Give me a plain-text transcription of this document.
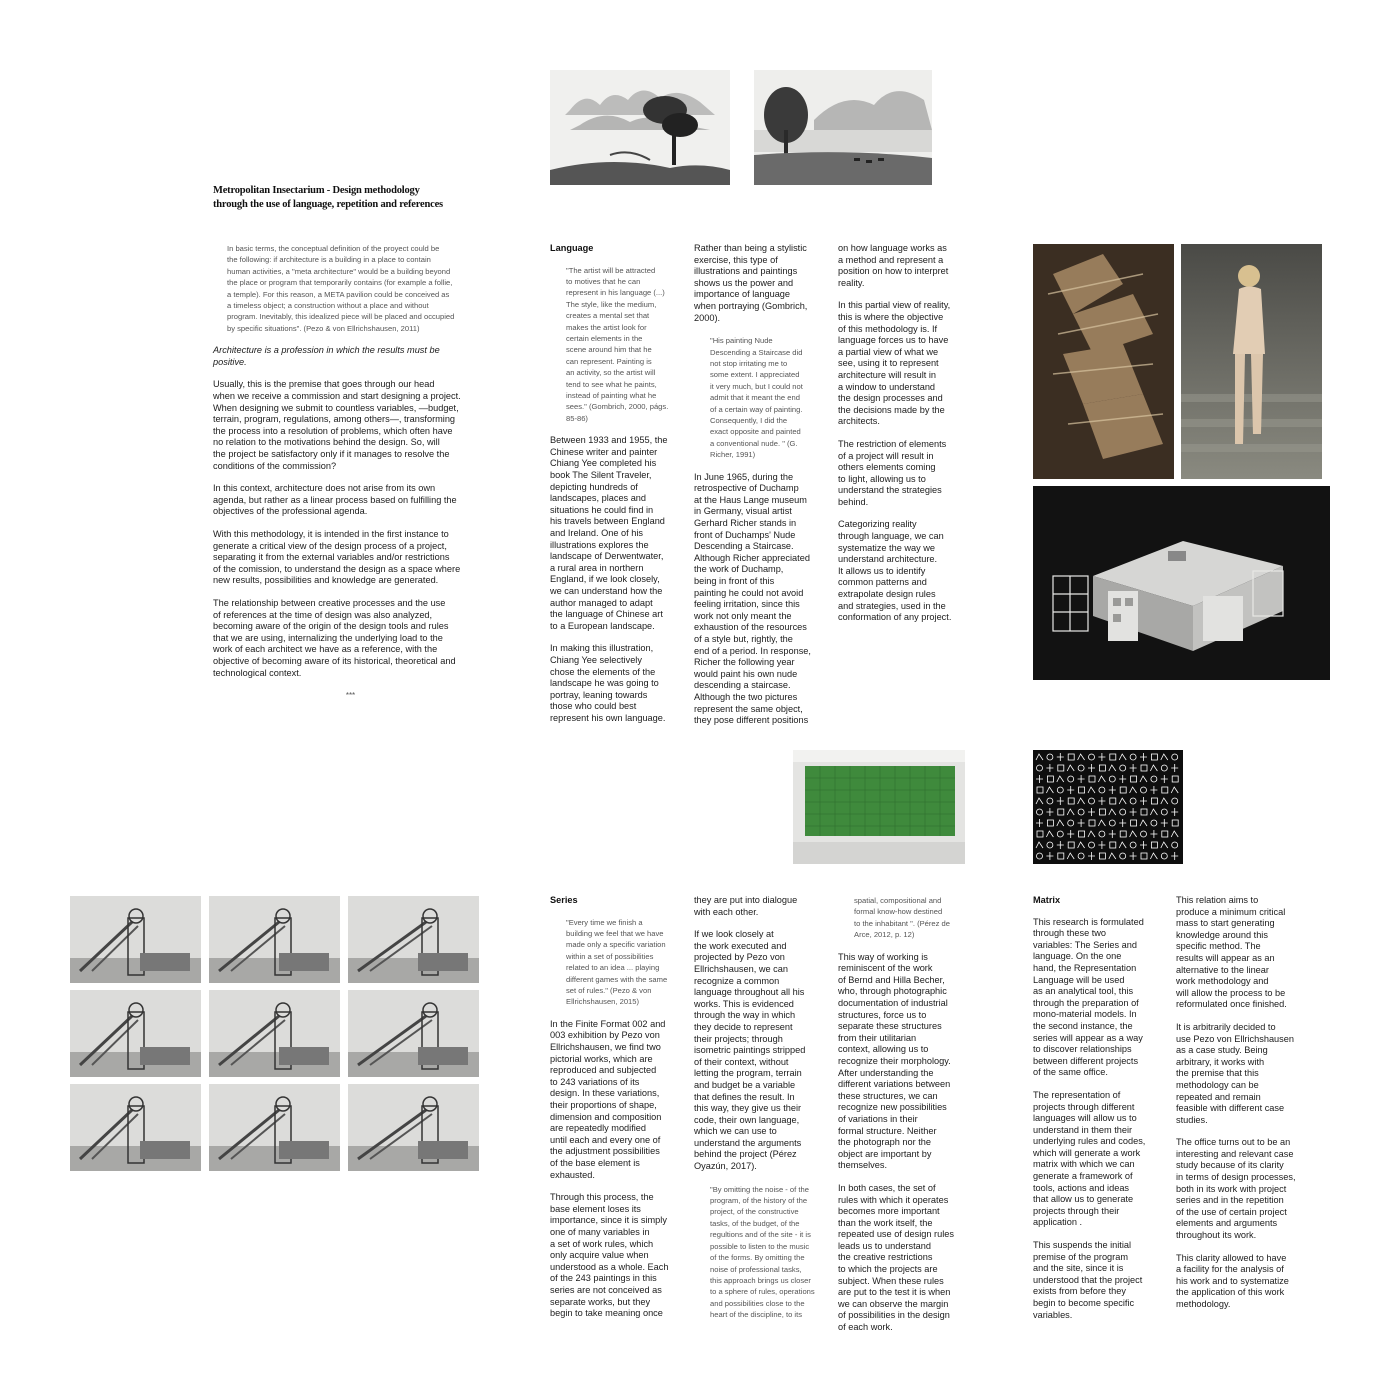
Metropolitan Insectarium - Design methodology
through the use of language, repetition and references

In basic terms, the conceptual definition of the proyect could be
the following: if architecture is a building in a place to contain
human activities, a "meta architecture" would be a building beyond
the place or program that temporarily contains (for example a follie,
a temple). For this reason, a META pavilion could be conceived as
a timeless object; a construction without a place and without
program. Inevitably, this idealized piece will be placed and occupied
by specific situations". (Pezo & von Ellrichshausen, 2011)

Architecture is a profession in which the results must be
positive.

Usually, this is the premise that goes through our head
when we receive a commission and start designing a project.
When designing we submit to countless variables, —budget,
terrain, program, regulations, among others—, transforming
the process into a resolution of problems, which often have
no relation to the motivations behind the design. So, will
the project be satisfactory only if it manages to resolve the
conditions of the commission?

In this context, architecture does not arise from its own
agenda, but rather as a linear process based on fulfilling the
objectives of the professional agenda.

With this methodology, it is intended in the first instance to
generate a critical view of the design process of a project,
separating it from the external variables and/or restrictions
of the comission, to understand the design as a space where
new results, possibilities and knowledge are generated.

The relationship between creative processes and the use
of references at the time of design was also analyzed,
becoming aware of the origin of the design tools and rules
that we are using, internalizing the underlying load to the
work of each architect we have as a reference, with the
objective of becoming aware of its historical, theoretical and
technological context.

***
Language

"The artist will be attracted
to motives that he can
represent in his language (...)
The style, like the medium,
creates a mental set that
makes the artist look for
certain elements in the
scene around him that he
can represent. Painting is
an activity, so the artist will
tend to see what he paints,
instead of painting what he
sees." (Gombrich, 2000, págs.
85-86)

Between 1933 and 1955, the
Chinese writer and painter
Chiang Yee completed his
book The Silent Traveler,
depicting hundreds of
landscapes, places and
situations he could find in
his travels between England
and Ireland. One of his
illustrations explores the
landscape of Derwentwater,
a rural area in northern
England, if we look closely,
we can understand how the
author managed to adapt
the language of Chinese art
to a European landscape.

In making this illustration,
Chiang Yee selectively
chose the elements of the
landscape he was going to
portray, leaning towards
those who could best
represent his own language.

Rather than being a stylistic
exercise, this type of
illustrations and paintings
shows us the power and
importance of language
when portraying (Gombrich,
2000).

"His painting Nude
Descending a Staircase did
not stop irritating me to
some extent. I appreciated
it very much, but I could not
admit that it meant the end
of a certain way of painting.
Consequently, I did the
exact opposite and painted
a conventional nude. " (G.
Richer, 1991)

In June 1965, during the
retrospective of Duchamp
at the Haus Lange museum
in Germany, visual artist
Gerhard Richer stands in
front of Duchamps' Nude
Descending a Staircase.
Although Richer appreciated
the work of Duchamp,
being in front of this
painting he could not avoid
feeling irritation, since this
work not only meant the
exhaustion of the resources
of a style but, rightly, the
end of a period. In response,
Richer the following year
would paint his own nude
descending a staircase.
Although the two pictures
represent the same object,
they pose different positions

on how language works as
a method and represent a
position on how to interpret
reality.

In this partial view of reality,
this is where the objective
of this methodology is. If
language forces us to have
a partial view of what we
see, using it to represent
architecture will result in
a window to understand
the design processes and
the decisions made by the
architects.

The restriction of elements
of a project will result in
others elements coming
to light, allowing us to
understand the strategies
behind.

Categorizing reality
through language, we can
systematize the way we
understand architecture.
It allows us to identify
common patterns and
extrapolate design rules
and strategies, used in the
conformation of any project.

Series

"Every time we finish a
building we feel that we have
made only a specific variation
within a set of possibilities
related to an idea ... playing
different games with the same
set of rules." (Pezo & von
Ellrichshausen, 2015)

In the Finite Format 002 and
003 exhibition by Pezo von
Ellrichshausen, we find two
pictorial works, which are
reproduced and subjected
to 243 variations of its
design. In these variations,
their proportions of shape,
dimension and composition
are repeatedly modified
until each and every one of
the adjustment possibilities
of the base element is
exhausted.

Through this process, the
base element loses its
importance, since it is simply
one of many variables in
a set of work rules, which
only acquire value when
understood as a whole. Each
of the 243 paintings in this
series are not conceived as
separate works, but they
begin to take meaning once

they are put into dialogue
with each other.

If we look closely at
the work executed and
projected by Pezo von
Ellrichshausen, we can
recognize a common
language throughout all his
works. This is evidenced
through the way in which
they decide to represent
their projects; through
isometric paintings stripped
of their context, without
letting the program, terrain
and budget be a variable
that defines the result. In
this way, they give us their
code, their own language,
which we can use to
understand the arguments
behind the project (Pérez
Oyazún, 2017).

"By omitting the noise - of the
program, of the history of the
project, of the constructive
tasks, of the budget, of the
regultions and of the site - it is
possible to listen to the music
of the forms. By omitting the
noise of professional tasks,
this approach brings us closer
to a sphere of rules, operations
and possibilities close to the
heart of the discipline, to its

spatial, compositional and
formal know-how destined
to the inhabitant ". (Pérez de
Arce, 2012, p. 12)

This way of working is
reminiscent of the work
of Bernd and Hilla Becher,
who, through photographic
documentation of industrial
structures, force us to
separate these structures
from their utilitarian
context, allowing us to
recognize their morphology.
After understanding the
different variations between
these structures, we can
recognize new possibilities
of variations in their
formal structure. Neither
the photograph nor the
object are important by
themselves.

In both cases, the set of
rules with which it operates
becomes more important
than the work itself, the
repeated use of design rules
leads us to understand
the creative restrictions
to which the projects are
subject. When these rules
are put to the test it is when
we can observe the margin
of possibilities in the design
of each work.

Matrix

This research is formulated
through these two
variables: The Series and
language. On the one
hand, the Representation
Language will be used
as an analytical tool, this
through the preparation of
mono-material models. In
the second instance, the
series will appear as a way
to discover relationships
between different projects
of the same office.

The representation of
projects through different
languages will allow us to
understand in them their
underlying rules and codes,
which will generate a work
matrix with which we can
generate a framework of
tools, actions and ideas
that allow us to generate
projects through their
application .

This suspends the initial
premise of the program
and the site, since it is
understood that the project
exists from before they
begin to become specific
variables.

This relation aims to
produce a minimum critical
mass to start generating
knowledge around this
specific method. The
results will appear as an
alternative to the linear
work methodology and
will allow the process to be
reformulated once finished.

It is arbitrarily decided to
use Pezo von Ellrichshausen
as a case study. Being
arbitrary, it works with
the premise that this
methodology can be
repeated and remain
feasible with different case
studies.

The office turns out to be an
interesting and relevant case
study because of its clarity
in terms of design processes,
both in its work with project
series and in the repetition
of the use of certain project
elements and arguments
throughout its work.

This clarity allowed to have
a facility for the analysis of
his work and to systematize
the application of this work
methodology.
